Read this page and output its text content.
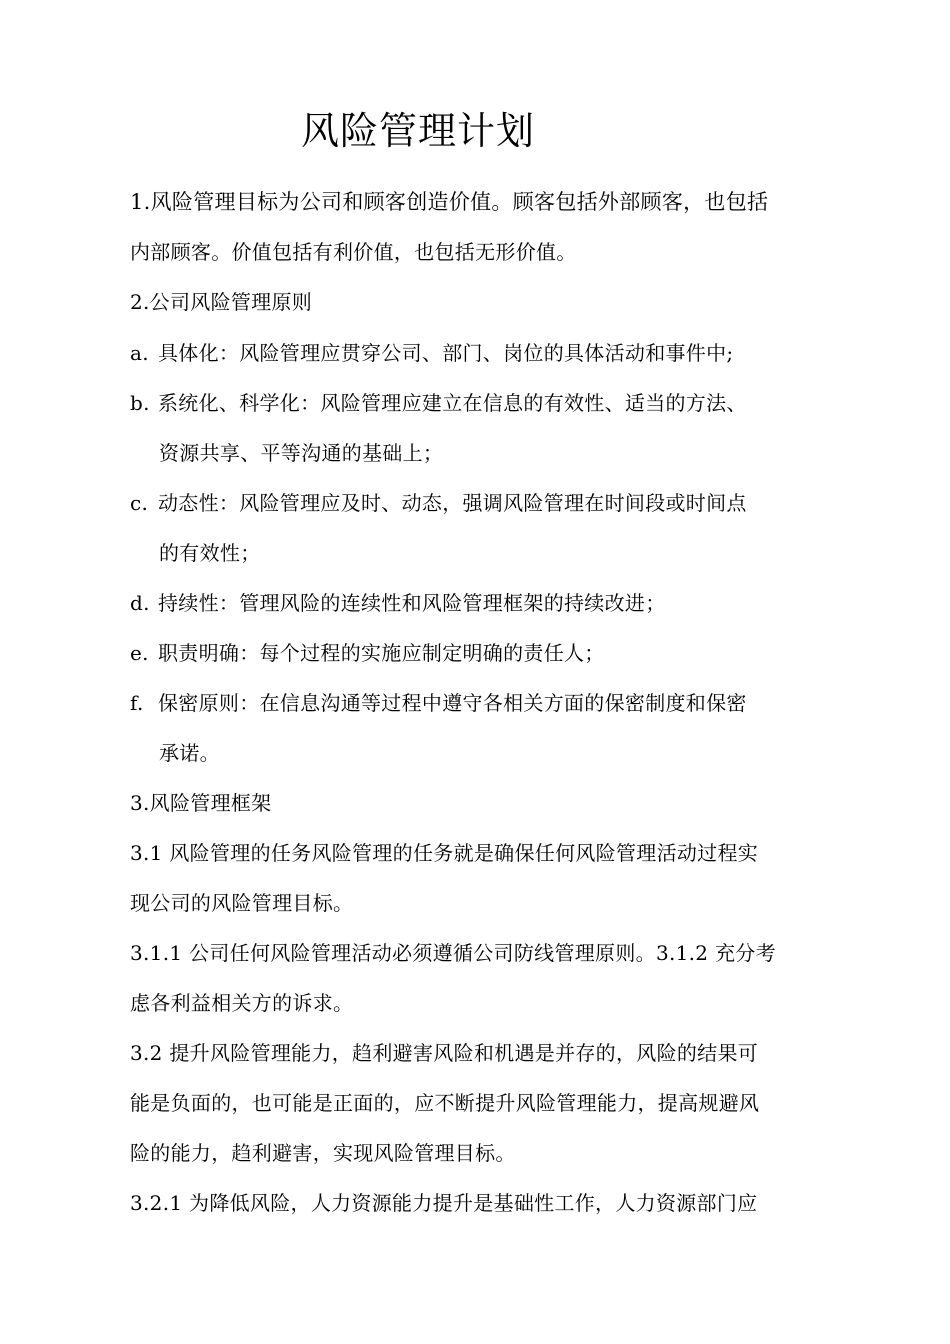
风险管理计划
1.风险管理目标为公司和顾客创造价值。顾客包括外部顾客，也包括
内部顾客。价值包括有利价值，也包括无形价值。
2.公司风险管理原则
a. 具体化：风险管理应贯穿公司、部门、岗位的具体活动和事件中;
b. 系统化、科学化：风险管理应建立在信息的有效性、适当的方法、
资源共享、平等沟通的基础上；
c. 动态性：风险管理应及时、动态，强调风险管理在时间段或时间点
的有效性；
d. 持续性：管理风险的连续性和风险管理框架的持续改进；
e. 职责明确：每个过程的实施应制定明确的责任人；
f. 保密原则：在信息沟通等过程中遵守各相关方面的保密制度和保密
承诺。
3.风险管理框架
3.1 风险管理的任务风险管理的任务就是确保任何风险管理活动过程实
现公司的风险管理目标。
3.1.1 公司任何风险管理活动必须遵循公司防线管理原则。3.1.2 充分考
虑各利益相关方的诉求。
3.2 提升风险管理能力，趋利避害风险和机遇是并存的，风险的结果可
能是负面的，也可能是正面的，应不断提升风险管理能力，提高规避风
险的能力，趋利避害，实现风险管理目标。
3.2.1 为降低风险，人力资源能力提升是基础性工作，人力资源部门应
